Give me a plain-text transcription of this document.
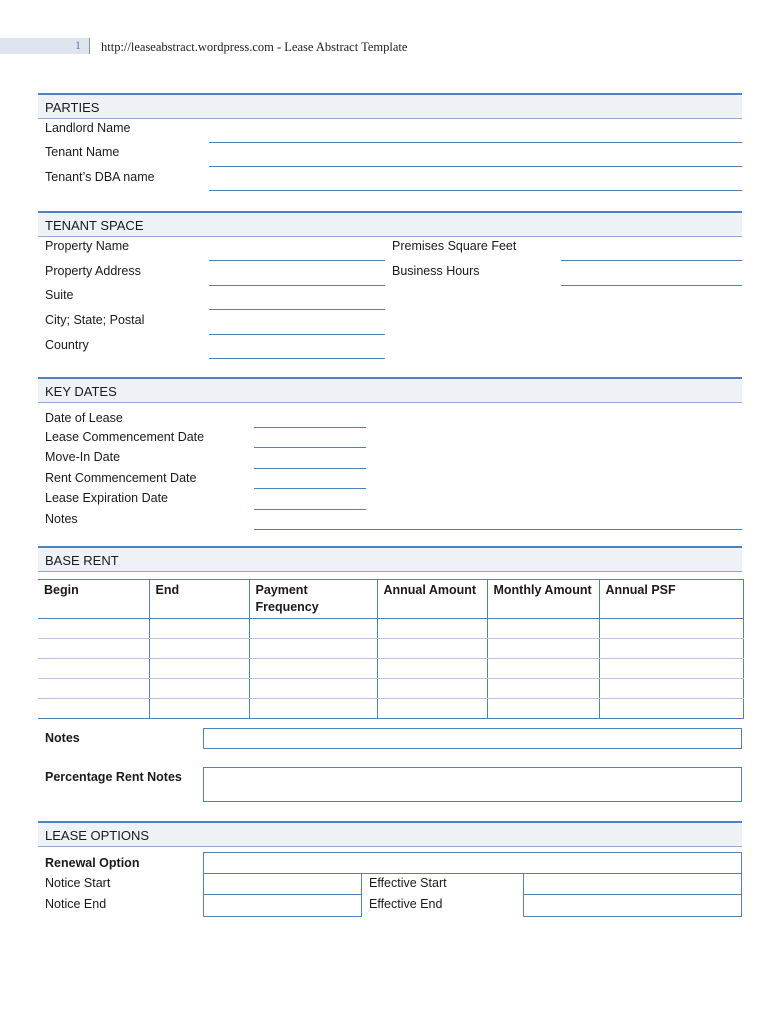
1 http://leaseabstract.wordpress.com - Lease Abstract Template
PARTIES
Landlord Name
Tenant Name
Tenant’s DBA name
TENANT SPACE
Property Name
Property Address
Suite
City; State; Postal
Country
Premises Square Feet
Business Hours
KEY DATES
Date of Lease
Lease Commencement Date
Move-In Date
Rent Commencement Date
Lease Expiration Date
Notes
BASE RENT
Begin	End	Payment Frequency	Annual Amount	Monthly Amount	Annual PSF

Notes
Percentage Rent Notes
LEASE OPTIONS
Renewal Option
Notice Start	Effective Start
Notice End	Effective End
